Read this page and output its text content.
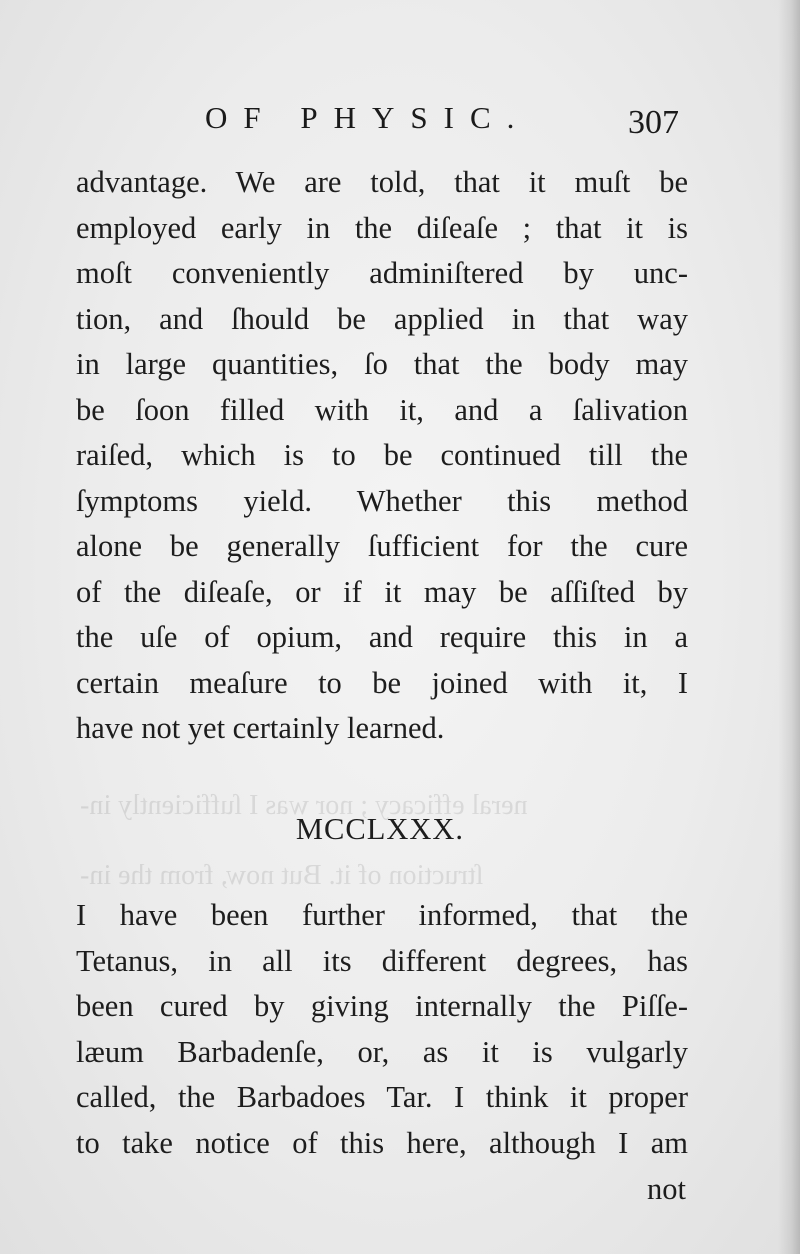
neral efficacy ; nor was I ſufficiently in-
ſtruction of it. But now, from the in-
OF PHYSIC.	307
advantage. We are told, that it muſt be
employed early in the diſeaſe ; that it is
moſt conveniently adminiſtered by unc-
tion, and ſhould be applied in that way
in large quantities, ſo that the body may
be ſoon filled with it, and a ſalivation
raiſed, which is to be continued till the
ſymptoms yield. Whether this method
alone be generally ſufficient for the cure
of the diſeaſe, or if it may be aſſiſted by
the uſe of opium, and require this in a
certain meaſure to be joined with it, I
have not yet certainly learned.
MCCLXXX.
I have been further informed, that the
Tetanus, in all its different degrees, has
been cured by giving internally the Piſſe-
læum Barbadenſe, or, as it is vulgarly
called, the Barbadoes Tar. I think it proper
to take notice of this here, although I am
not
